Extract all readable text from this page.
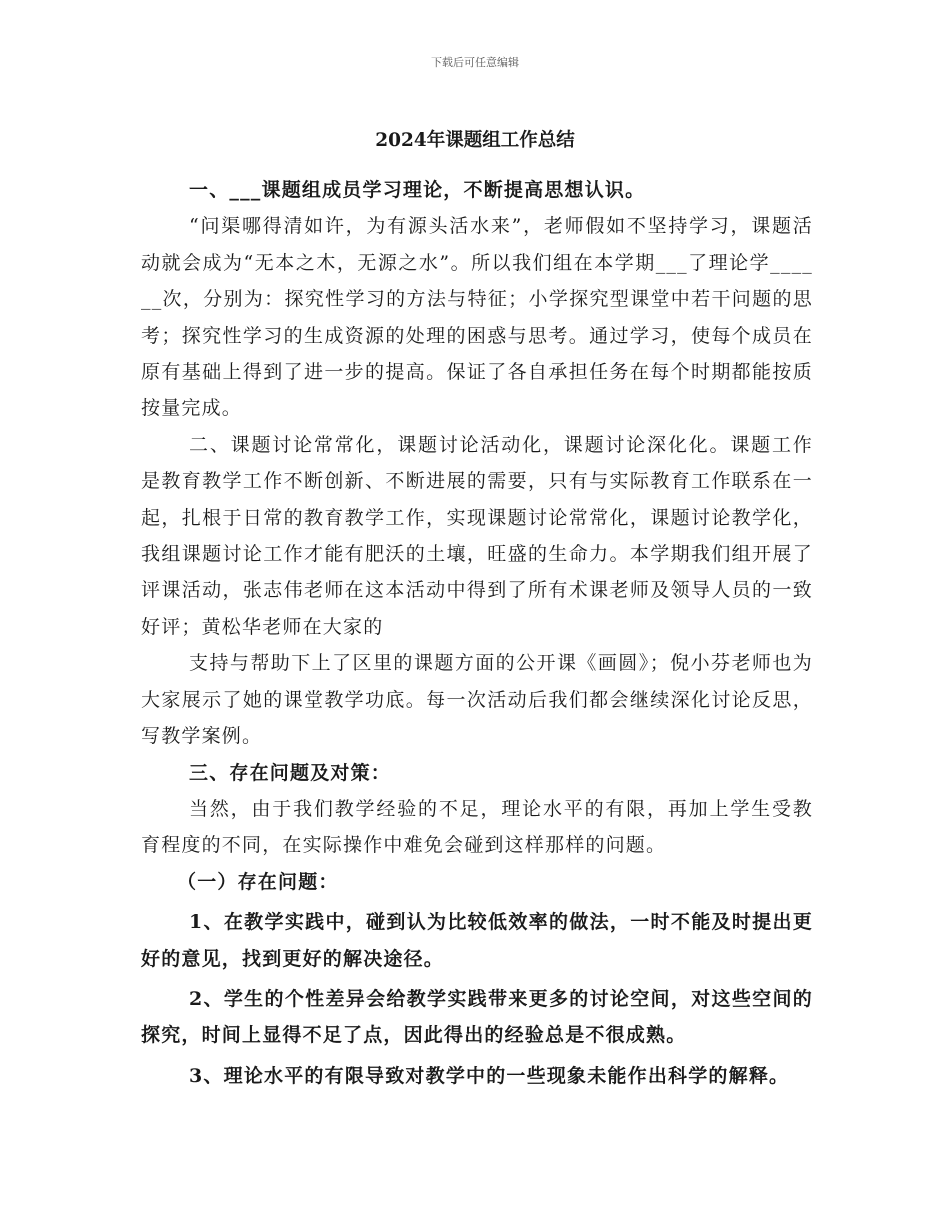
下载后可任意编辑
2024年课题组工作总结

一、___课题组成员学习理论，不断提高思想认识。

“问渠哪得清如许，为有源头活水来”，老师假如不坚持学习，课题活动就会成为“无本之木，无源之水”。所以我们组在本学期___了理论学______次，分别为：探究性学习的方法与特征；小学探究型课堂中若干问题的思考；探究性学习的生成资源的处理的困惑与思考。通过学习，使每个成员在原有基础上得到了进一步的提高。保证了各自承担任务在每个时期都能按质按量完成。

二、课题讨论常常化，课题讨论活动化，课题讨论深化化。课题工作是教育教学工作不断创新、不断进展的需要，只有与实际教育工作联系在一起，扎根于日常的教育教学工作，实现课题讨论常常化，课题讨论教学化，我组课题讨论工作才能有肥沃的土壤，旺盛的生命力。本学期我们组开展了评课活动，张志伟老师在这本活动中得到了所有术课老师及领导人员的一致好评；黄松华老师在大家的

支持与帮助下上了区里的课题方面的公开课《画圆》；倪小芬老师也为大家展示了她的课堂教学功底。每一次活动后我们都会继续深化讨论反思，写教学案例。

三、存在问题及对策：

当然，由于我们教学经验的不足，理论水平的有限，再加上学生受教育程度的不同，在实际操作中难免会碰到这样那样的问题。

（一）存在问题：

1、在教学实践中，碰到认为比较低效率的做法，一时不能及时提出更好的意见，找到更好的解决途径。

2、学生的个性差异会给教学实践带来更多的讨论空间，对这些空间的探究，时间上显得不足了点，因此得出的经验总是不很成熟。

3、理论水平的有限导致对教学中的一些现象未能作出科学的解释。
